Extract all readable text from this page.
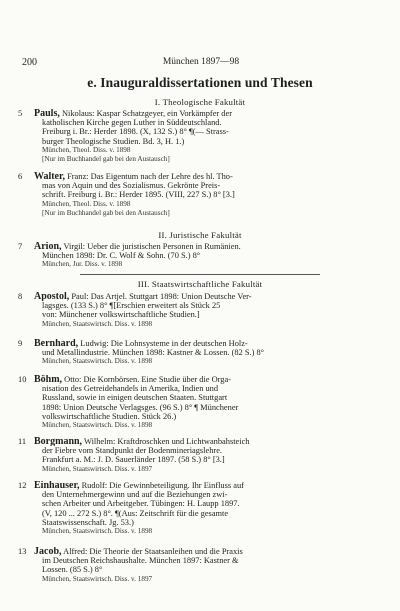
200	München 1897—98
e. Inauguraldissertationen und Thesen
I. Theologische Fakultät
5	Pauls, Nikolaus: Kaspar Schatzgeyer, ein Vorkämpfer der
katholischen Kirche gegen Luther in Süddeutschland.
Freiburg i. Br.: Herder 1898. (X, 132 S.) 8° ¶(— Strass-
burger Theologische Studien. Bd. 3, H. 1.)
München, Theol. Diss. v. 1898
[Nur im Buchhandel gab bei den Austausch]
6	Walter, Franz: Das Eigentum nach der Lehre des hl. Tho-
mas von Aquin und des Sozialismus. Gekrönte Preis-
schrift. Freiburg i. Br.: Herder 1895. (VIII, 227 S.) 8° [3.]
München, Theol. Diss. v. 1898
[Nur im Buchhandel gab bei den Austausch]
II. Juristische Fakultät
7	Arion, Virgil: Ueber die juristischen Personen in Rumänien.
München 1898: Dr. C. Wolf & Sohn. (70 S.) 8°
München, Jur. Diss. v. 1898
III. Staatswirtschaftliche Fakultät
8	Apostol, Paul: Das Artjel. Stuttgart 1898: Union Deutsche Ver-
lagsges. (133 S.) 8° ¶[Erschien erweitert als Stück 25
von: Münchener volkswirtschaftliche Studien.]
München, Staatswirtsch. Diss. v. 1898
9	Bernhard, Ludwig: Die Lohnsysteme in der deutschen Holz-
und Metallindustrie. München 1898: Kastner & Lossen. (82 S.) 8°
München, Staatswirtsch. Diss. v. 1898
10 Böhm, Otto: Die Kornbörsen. Eine Studie über die Orga-
nisation des Getreidehandels in Amerika, Indien und
Russland, sowie in einigen deutschen Staaten. Stuttgart
1898: Union Deutsche Verlagsges. (96 S.) 8° ¶ Münchener
volkswirtschaftliche Studien. Stück 26.)
München, Staatswirtsch. Diss. v. 1898
11 Borgmann, Wilhelm: Kraftdroschken und Lichtwanbahsteich
der Fiebre vom Standpunkt der Bodenmineriagslehre.
Frankfurt a. M.: J. D. Sauerländer 1897. (58 S.) 8° [3.]
München, Staatswirtsch. Diss. v. 1897
12 Einhauser, Rudolf: Die Gewinnbeteiligung. Ihr Einfluss auf
den Unternehmergewinn und auf die Beziehungen zwi-
schen Arbeiter und Arbeitgeber. Tübingen: H. Laupp 1897.
(V, 120 ... 272 S.) 8°. ¶(Aus: Zeitschrift für die gesamte
Staatswissenschaft. Jg. 53.)
München, Staatswirtsch. Diss. v. 1898
13 Jacob, Alfred: Die Theorie der Staatsanleihen und die Praxis
im Deutschen Reichshaushalte. München 1897: Kastner &
Lossen. (85 S.) 8°
München, Staatswirtsch. Diss. v. 1897
